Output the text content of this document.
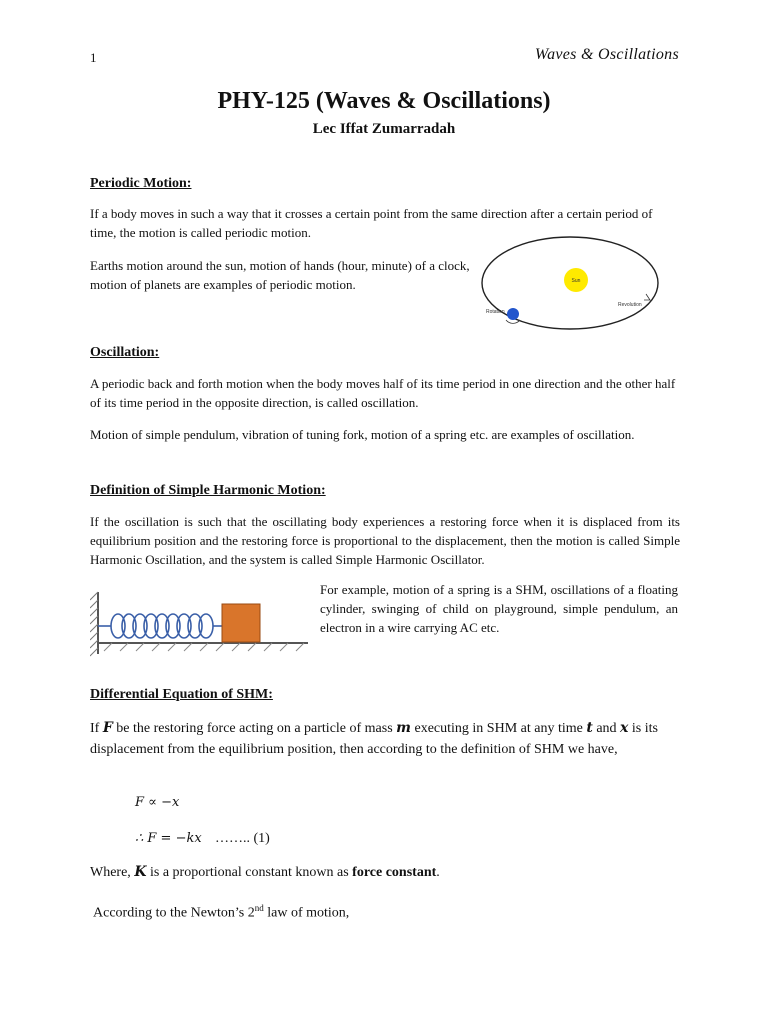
1	Waves & Oscillations
PHY-125 (Waves & Oscillations)
Lec Iffat Zumarradah
Periodic Motion:
If a body moves in such a way that it crosses a certain point from the same direction after a certain period of time, the motion is called periodic motion.
Earths motion around the sun, motion of hands (hour, minute) of a clock, motion of planets are examples of periodic motion.	Sun
Rotation
Revolution
Oscillation:
A periodic back and forth motion when the body moves half of its time period in one direction and the other half of its time period in the opposite direction, is called oscillation.
Motion of simple pendulum, vibration of tuning fork, motion of a spring etc. are examples of oscillation.
Definition of Simple Harmonic Motion:
If the oscillation is such that the oscillating body experiences a restoring force when it is displaced from its equilibrium position and the restoring force is proportional to the displacement, then the motion is called Simple Harmonic Oscillation, and the system is called Simple Harmonic Oscillator.
For example, motion of a spring is a SHM, oscillations of a floating cylinder, swinging of child on playground, simple pendulum, an electron in a wire carrying AC etc.
Differential Equation of SHM:
If F be the restoring force acting on a particle of mass m executing in SHM at any time t and x is its displacement from the equilibrium position, then according to the definition of SHM we have,
F ∝ −x
∴ F = −kx …….. (1)
Where, K is a proportional constant known as force constant.
According to the Newton’s 2nd law of motion,
